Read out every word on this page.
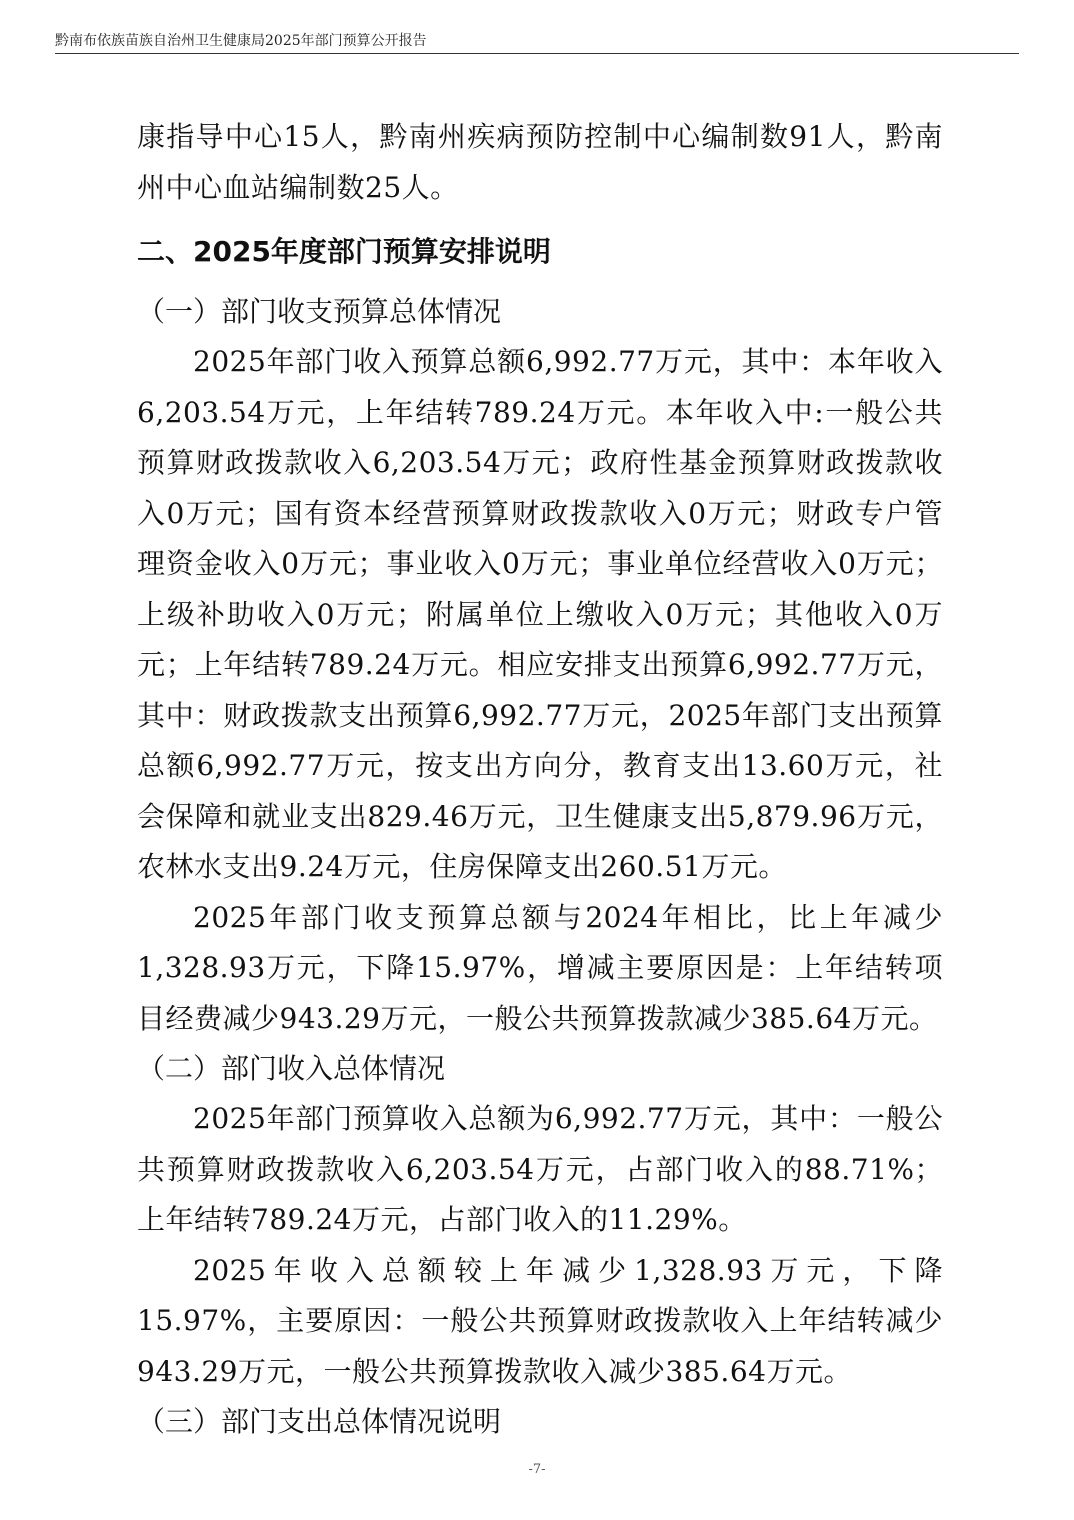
黔南布依族苗族自治州卫生健康局2025年部门预算公开报告

康指导中心15人，黔南州疾病预防控制中心编制数91人，黔南州中心血站编制数25人。

二、2025年度部门预算安排说明
（一）部门收支预算总体情况

2025年部门收入预算总额6,992.77万元，其中：本年收入6,203.54万元，上年结转789.24万元。本年收入中:一般公共预算财政拨款收入6,203.54万元；政府性基金预算财政拨款收入0万元；国有资本经营预算财政拨款收入0万元；财政专户管理资金收入0万元；事业收入0万元；事业单位经营收入0万元；上级补助收入0万元；附属单位上缴收入0万元；其他收入0万元；上年结转789.24万元。相应安排支出预算6,992.77万元，其中：财政拨款支出预算6,992.77万元，2025年部门支出预算总额6,992.77万元，按支出方向分，教育支出13.60万元，社会保障和就业支出829.46万元，卫生健康支出5,879.96万元，农林水支出9.24万元，住房保障支出260.51万元。

2025年部门收支预算总额与2024年相比，比上年减少1,328.93万元，下降15.97%，增减主要原因是：上年结转项目经费减少943.29万元，一般公共预算拨款减少385.64万元。

（二）部门收入总体情况

2025年部门预算收入总额为6,992.77万元，其中：一般公共预算财政拨款收入6,203.54万元，占部门收入的88.71%；上年结转789.24万元，占部门收入的11.29%。

2025年收入总额较上年减少1,328.93万元，下降15.97%，主要原因：一般公共预算财政拨款收入上年结转减少943.29万元，一般公共预算拨款收入减少385.64万元。

（三）部门支出总体情况说明
-7-
